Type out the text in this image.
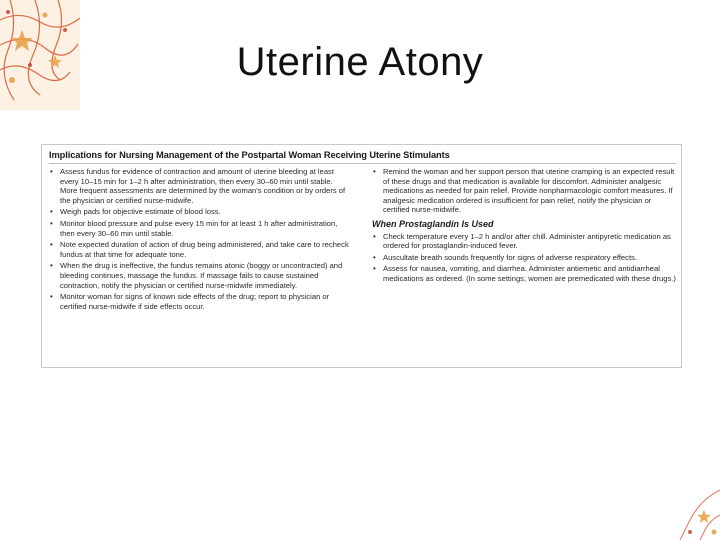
Uterine Atony
Implications for Nursing Management of the Postpartal Woman Receiving Uterine Stimulants
• Assess fundus for evidence of contraction and amount of uterine bleeding at least every 10–15 min for 1–2 h after administration, then every 30–60 min until stable. More frequent assessments are determined by the woman's condition or by orders of the physician or certified nurse-midwife.
• Weigh pads for objective estimate of blood loss.
• Monitor blood pressure and pulse every 15 min for at least 1 h after administration, then every 30–60 min until stable.
• Note expected duration of action of drug being administered, and take care to recheck fundus at that time for adequate tone.
• When the drug is ineffective, the fundus remains atonic (boggy or uncontracted) and bleeding continues, massage the fundus. If massage fails to cause sustained contraction, notify the physician or certified nurse-midwife immediately.
• Monitor woman for signs of known side effects of the drug; report to physician or certified nurse-midwife if side effects occur.
• Remind the woman and her support person that uterine cramping is an expected result of these drugs and that medication is available for discomfort. Administer analgesic medications as needed for pain relief. Provide nonpharmacologic comfort measures. If analgesic medication ordered is insufficient for pain relief, notify the physician or certified nurse-midwife.
When Prostaglandin Is Used
• Check temperature every 1–2 h and/or after chill. Administer antipyretic medication as ordered for prostaglandin-induced fever.
• Auscultate breath sounds frequently for signs of adverse respiratory effects.
• Assess for nausea, vomiting, and diarrhea. Administer antiemetic and antidiarrheal medications as ordered. (In some settings, women are premedicated with these drugs.)
